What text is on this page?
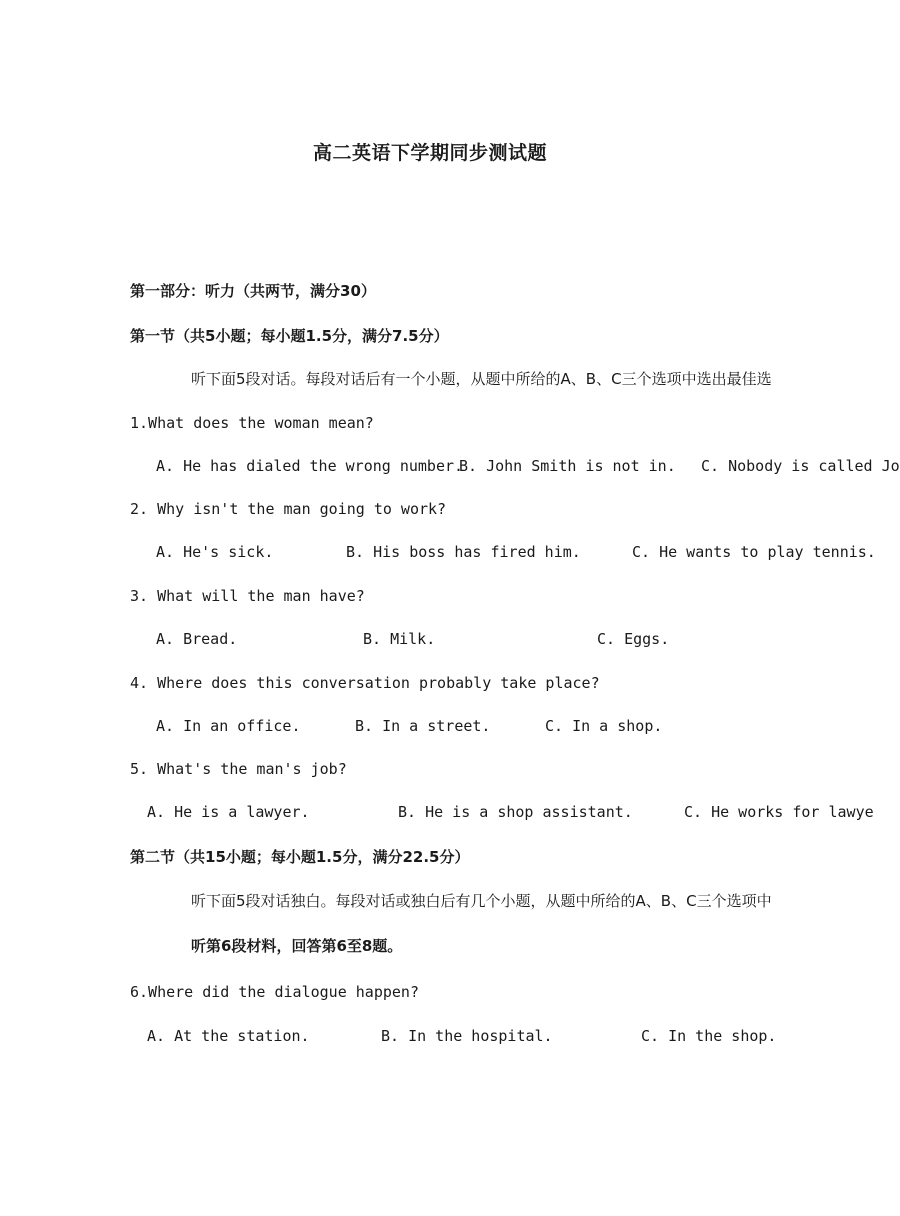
高二英语下学期同步测试题
第一部分：听力（共两节，满分30）
第一节（共5小题；每小题1.5分，满分7.5分）
听下面5段对话。每段对话后有一个小题，从题中所给的A、B、C三个选项中选出最佳选
1.What does the woman mean?
A. He has dialed the wrong number.
B. John Smith is not in. C. Nobody is called Jo
2. Why isn't the man going to work?
A. He's sick.	B. His boss has fired him.	C. He wants to play tennis.
3. What will the man have?
A. Bread.	B. Milk.	C. Eggs.
4. Where does this conversation probably take place?
A. In an office.	B. In a street.	C. In a shop.
5. What's the man's job?
A. He is a lawyer.	B. He is a shop assistant.	C. He works for lawye
第二节（共15小题；每小题1.5分，满分22.5分）
听下面5段对话独白。每段对话或独白后有几个小题，从题中所给的A、B、C三个选项中
听第6段材料，回答第6至8题。
6.Where did the dialogue happen?
A. At the station.	B. In the hospital.	C. In the shop.
